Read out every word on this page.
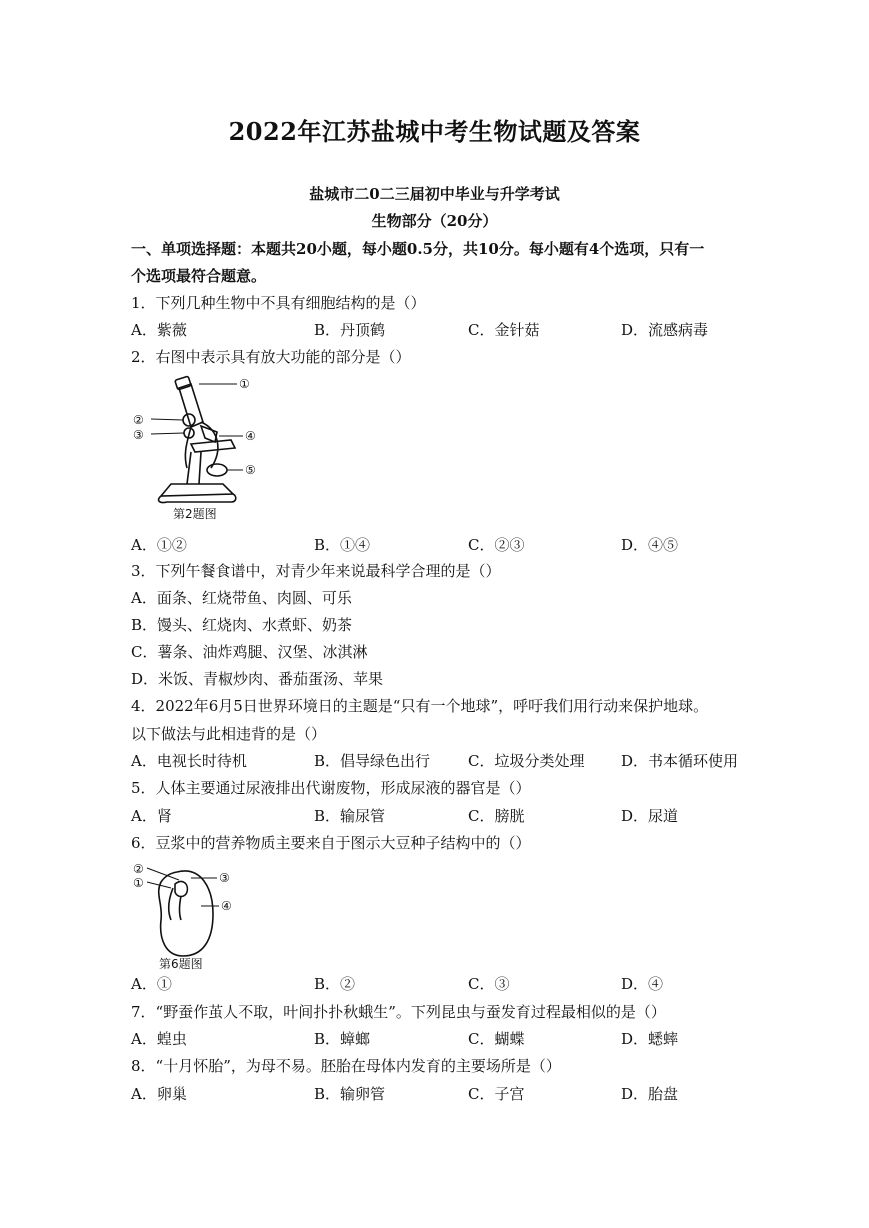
2022年江苏盐城中考生物试题及答案
盐城市二0二三届初中毕业与升学考试
生物部分（20分）
一、单项选择题：本题共20小题，每小题0.5分，共10分。每小题有4个选项，只有一
个选项最符合题意。
1．下列几种生物中不具有细胞结构的是（）
A．紫薇	B．丹顶鹤	C．金针菇	D．流感病毒
2．右图中表示具有放大功能的部分是（）
①
②
③	④
⑤
第2题图
A．①②	B．①④	C．②③	D．④⑤
3．下列午餐食谱中，对青少年来说最科学合理的是（）
A．面条、红烧带鱼、肉圆、可乐
B．馒头、红烧肉、水煮虾、奶茶
C．薯条、油炸鸡腿、汉堡、冰淇淋
D．米饭、青椒炒肉、番茄蛋汤、苹果
4．2022年6月5日世界环境日的主题是“只有一个地球”，呼吁我们用行动来保护地球。
以下做法与此相违背的是（）
A．电视长时待机	B．倡导绿色出行	C．垃圾分类处理 D．书本循环使用
5．人体主要通过尿液排出代谢废物，形成尿液的器官是（）
A．肾	B．输尿管	C．膀胱	D．尿道
6．豆浆中的营养物质主要来自于图示大豆种子结构中的（）
②
①	③
④
第6题图
A．①	B．②	C．③	D．④
7．“野蚕作茧人不取，叶间扑扑秋蛾生”。下列昆虫与蚕发育过程最相似的是（）
A．蝗虫	B．蟑螂	C．蝴蝶	D．蟋蟀
8．“十月怀胎”，为母不易。胚胎在母体内发育的主要场所是（）
A．卵巢	B．输卵管	C．子宫	D．胎盘
